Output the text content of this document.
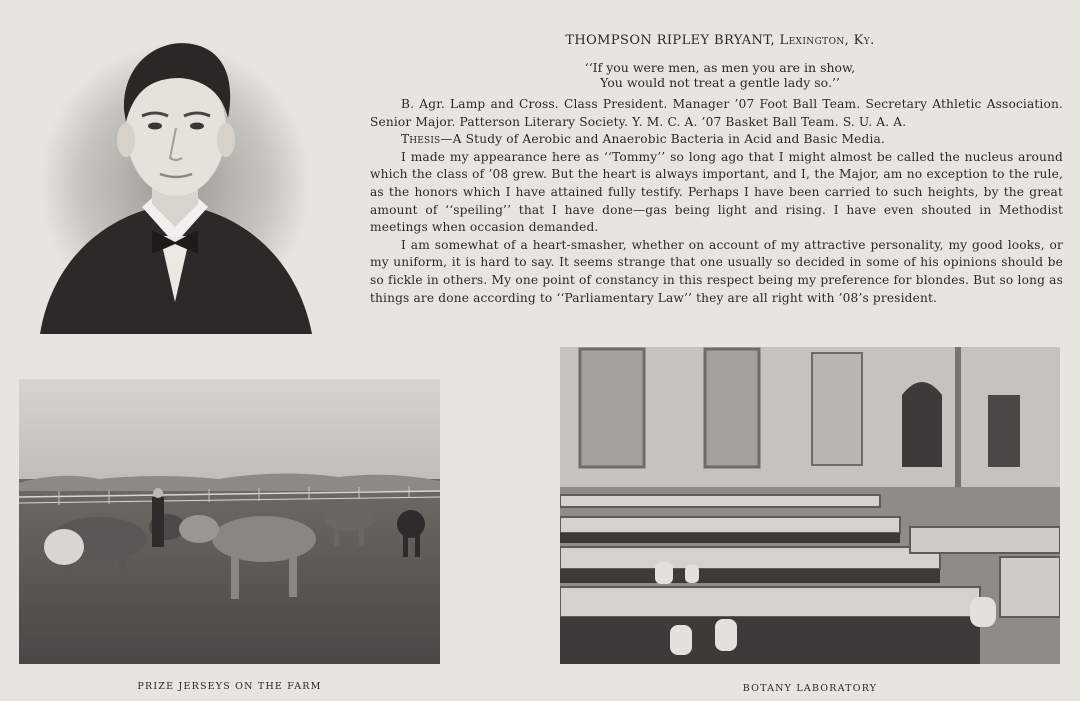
THOMPSON RIPLEY BRYANT, Lexington, Ky.
‘‘If you were men, as men you are in show,
You would not treat a gentle lady so.’’

B. Agr. Lamp and Cross. Class President. Manager ’07 Foot Ball Team. Secretary Athletic Association. Senior Major. Patterson Literary Society. Y. M. C. A. ’07 Basket Ball Team. S. U. A. A.

Thesis—A Study of Aerobic and Anaerobic Bacteria in Acid and Basic Media.

I made my appearance here as ‘‘Tommy’’ so long ago that I might almost be called the nucleus around which the class of ’08 grew. But the heart is always important, and I, the Major, am no exception to the rule, as the honors which I have attained fully testify. Perhaps I have been carried to such heights, by the great amount of ‘‘speiling’’ that I have done—gas being light and rising. I have even shouted in Methodist meetings when occasion demanded.

I am somewhat of a heart-smasher, whether on account of my attractive personality, my good looks, or my uniform, it is hard to say. It seems strange that one usually so decided in some of his opinions should be so fickle in others. My one point of constancy in this respect being my preference for blondes. But so long as things are done according to ‘‘Parliamentary Law’’ they are all right with ’08’s president.

PRIZE JERSEYS ON THE FARM	BOTANY LABORATORY
